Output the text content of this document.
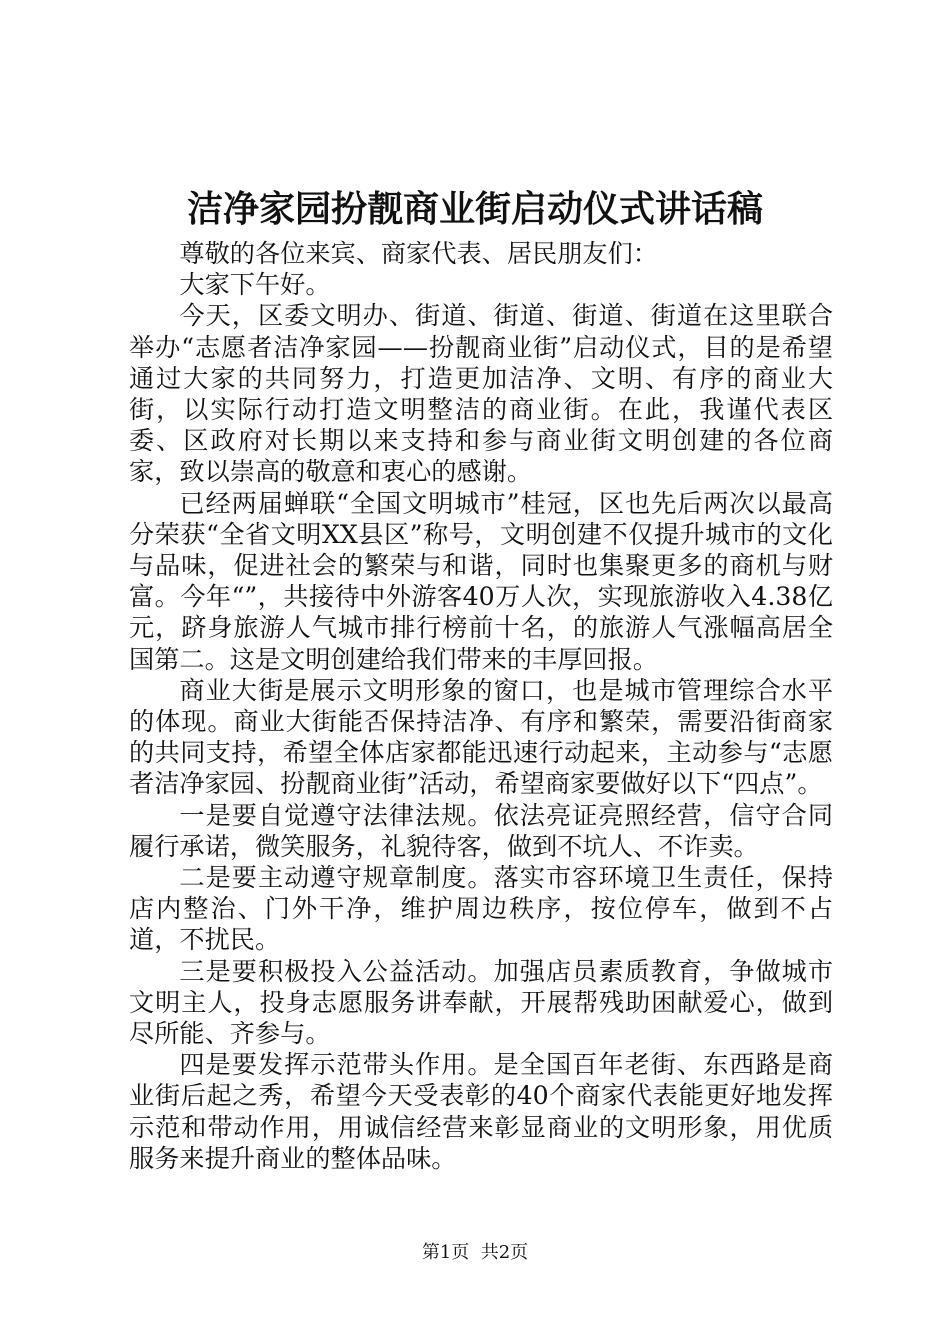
洁净家园扮靓商业街启动仪式讲话稿

尊敬的各位来宾、商家代表、居民朋友们：

大家下午好。

今天，区委文明办、街道、街道、街道、街道在这里联合举办“志愿者洁净家园——扮靓商业街”启动仪式，目的是希望通过大家的共同努力，打造更加洁净、文明、有序的商业大街，以实际行动打造文明整洁的商业街。在此，我谨代表区委、区政府对长期以来支持和参与商业街文明创建的各位商家，致以崇高的敬意和衷心的感谢。

已经两届蝉联“全国文明城市”桂冠，区也先后两次以最高分荣获“全省文明XX县区”称号，文明创建不仅提升城市的文化与品味，促进社会的繁荣与和谐，同时也集聚更多的商机与财富。今年“”，共接待中外游客40万人次，实现旅游收入4.38亿元，跻身旅游人气城市排行榜前十名，的旅游人气涨幅高居全国第二。这是文明创建给我们带来的丰厚回报。

商业大街是展示文明形象的窗口，也是城市管理综合水平的体现。商业大街能否保持洁净、有序和繁荣，需要沿街商家的共同支持，希望全体店家都能迅速行动起来，主动参与“志愿者洁净家园、扮靓商业街”活动，希望商家要做好以下“四点”。

一是要自觉遵守法律法规。依法亮证亮照经营，信守合同履行承诺，微笑服务，礼貌待客，做到不坑人、不诈卖。

二是要主动遵守规章制度。落实市容环境卫生责任，保持店内整治、门外干净，维护周边秩序，按位停车，做到不占道，不扰民。

三是要积极投入公益活动。加强店员素质教育，争做城市文明主人，投身志愿服务讲奉献，开展帮残助困献爱心，做到尽所能、齐参与。

四是要发挥示范带头作用。是全国百年老街、东西路是商业街后起之秀，希望今天受表彰的40个商家代表能更好地发挥示范和带动作用，用诚信经营来彰显商业的文明形象，用优质服务来提升商业的整体品味。

第1页  共2页
